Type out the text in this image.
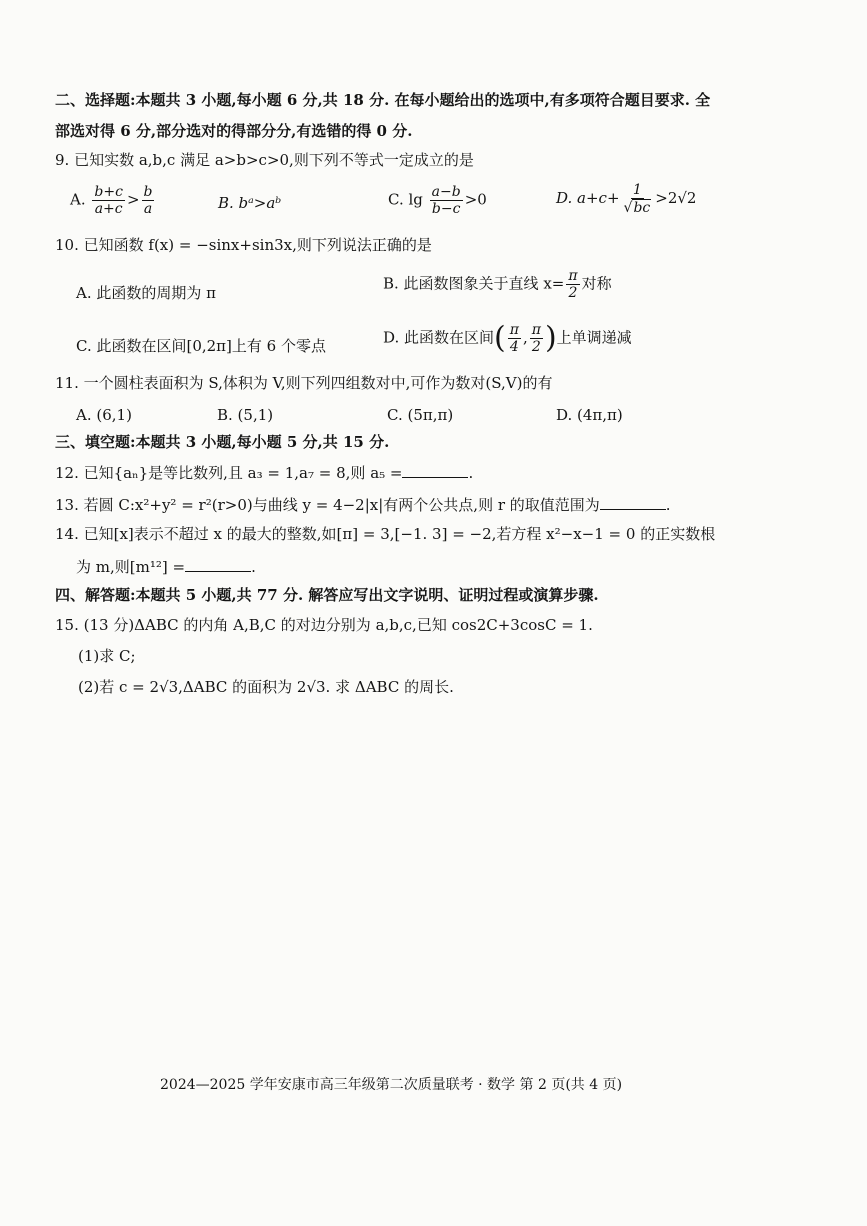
二、选择题:本题共 3 小题,每小题 6 分,共 18 分. 在每小题给出的选项中,有多项符合题目要求. 全
部选对得 6 分,部分选对的得部分分,有选错的得 0 分.
9. 已知实数 a,b,c 满足 a>b>c>0,则下列不等式一定成立的是
A. $\frac{b+c}{a+c} > \frac{b}{a}$	B. bᵃ>aᵇ	C. $\lg \frac{a-b}{b-c} >0$	D. $a+c+ \frac{1}{√bc} >2√2$
10. 已知函数 f(x) = −sinx+sin3x,则下列说法正确的是
A. 此函数的周期为 π
B. 此函数图象关于直线 $x= \frac{\pi}{2}$ 对称
C. 此函数在区间[0,2π]上有 6 个零点	D. 此函数在区间( $\frac{\pi}{4}$ , $\frac{\pi}{2}$ )上单调递减
11. 一个圆柱表面积为 S,体积为 V,则下列四组数对中,可作为数对(S,V)的有
A. (6,1)	B. (5,1)	C. (5π,π)	D. (4π,π)
三、填空题:本题共 3 小题,每小题 5 分,共 15 分.
12. 已知{aₙ}是等比数列,且 a₃ = 1,a₇ = 8,则 a₅ =	.
13. 若圆 C:x²+y² = r²(r>0)与曲线 y = 4−2|x|有两个公共点,则 r 的取值范围为	.
14. 已知[x]表示不超过 x 的最大的整数,如[π] = 3,[−1. 3] = −2,若方程 x²−x−1 = 0 的正实数根
为 m,则[m¹²] =	.
四、解答题:本题共 5 小题,共 77 分. 解答应写出文字说明、证明过程或演算步骤.
15. (13 分)ΔABC 的内角 A,B,C 的对边分别为 a,b,c,已知 cos2C+3cosC = 1.
(1)求 C;
(2)若 c = 2√3,ΔABC 的面积为 2√3. 求 ΔABC 的周长.
2024—2025 学年安康市高三年级第二次质量联考 · 数学 第 2 页(共 4 页)
